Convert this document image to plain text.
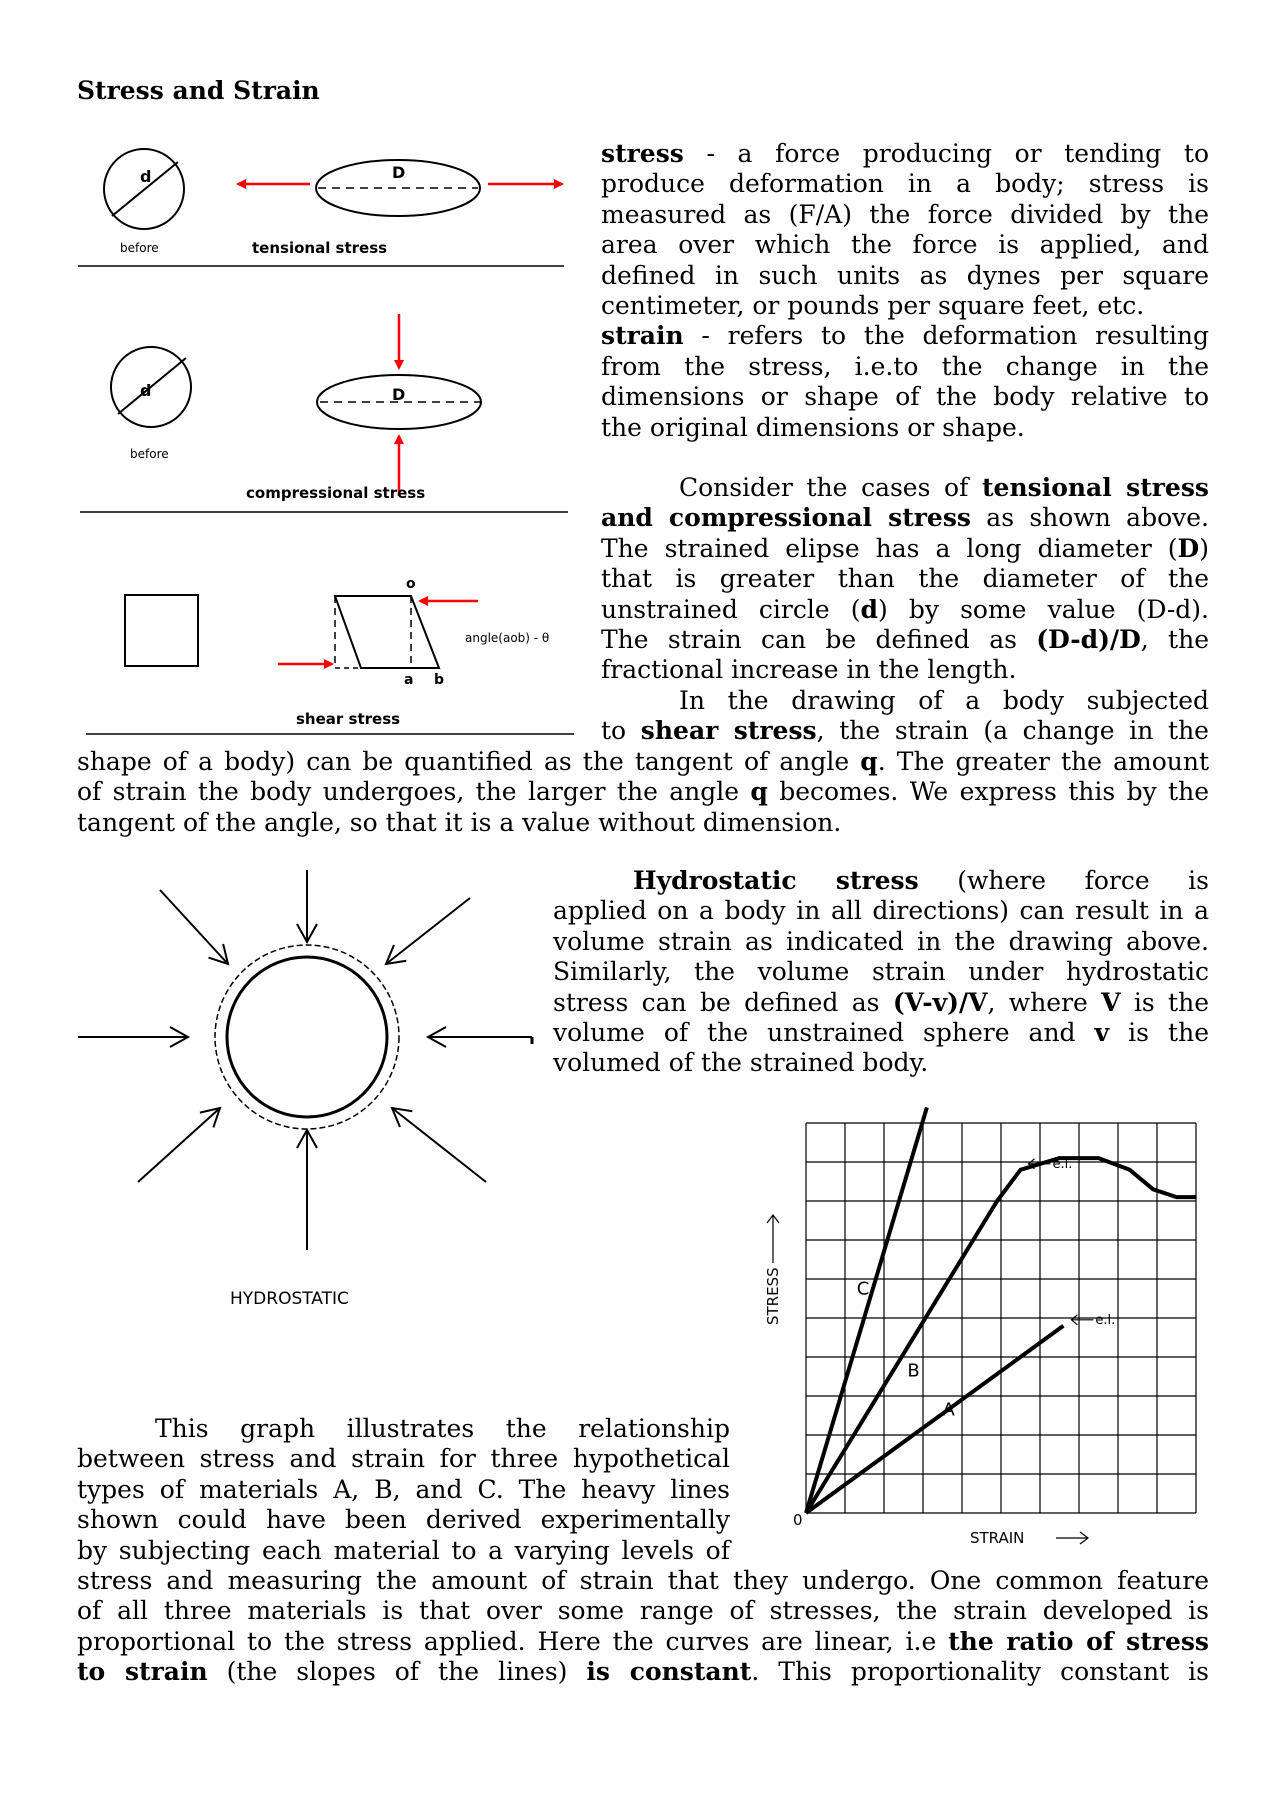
Stress and Strain
d
before
D
tensional stress
d
before
D
compressional stress
o
a b
angle(aob) - θ
shear stress
stress - a force producing or tending to
produce deformation in a body; stress is
measured as (F/A) the force divided by the
area over which the force is applied, and
defined in such units as dynes per square
centimeter, or pounds per square feet, etc.
strain - refers to the deformation resulting
from the stress, i.e.to the change in the
dimensions or shape of the body relative to
the original dimensions or shape.
Consider the cases of tensional stress
and compressional stress as shown above.
The strained elipse has a long diameter (D)
that is greater than the diameter of the
unstrained circle (d) by some value (D-d).
The strain can be defined as (D-d)/D, the
fractional increase in the length.
In the drawing of a body subjected
to shear stress, the strain (a change in the
shape of a body) can be quantified as the tangent of angle q. The greater the amount
of strain the body undergoes, the larger the angle q becomes. We express this by the
tangent of the angle, so that it is a value without dimension.
HYDROSTATIC
Hydrostatic stress (where force is
applied on a body in all directions) can result in a
volume strain as indicated in the drawing above.
Similarly, the volume strain under hydrostatic
stress can be defined as (V-v)/V, where V is the
volume of the unstrained sphere and v is the
volumed of the strained body.
A
B
C
e.l.
e.l.
STRESS
STRAIN
0
This graph illustrates the relationship
between stress and strain for three hypothetical
types of materials A, B, and C. The heavy lines
shown could have been derived experimentally
by subjecting each material to a varying levels of
stress and measuring the amount of strain that they undergo. One common feature
of all three materials is that over some range of stresses, the strain developed is
proportional to the stress applied. Here the curves are linear, i.e the ratio of stress
to strain (the slopes of the lines) is constant. This proportionality constant is
